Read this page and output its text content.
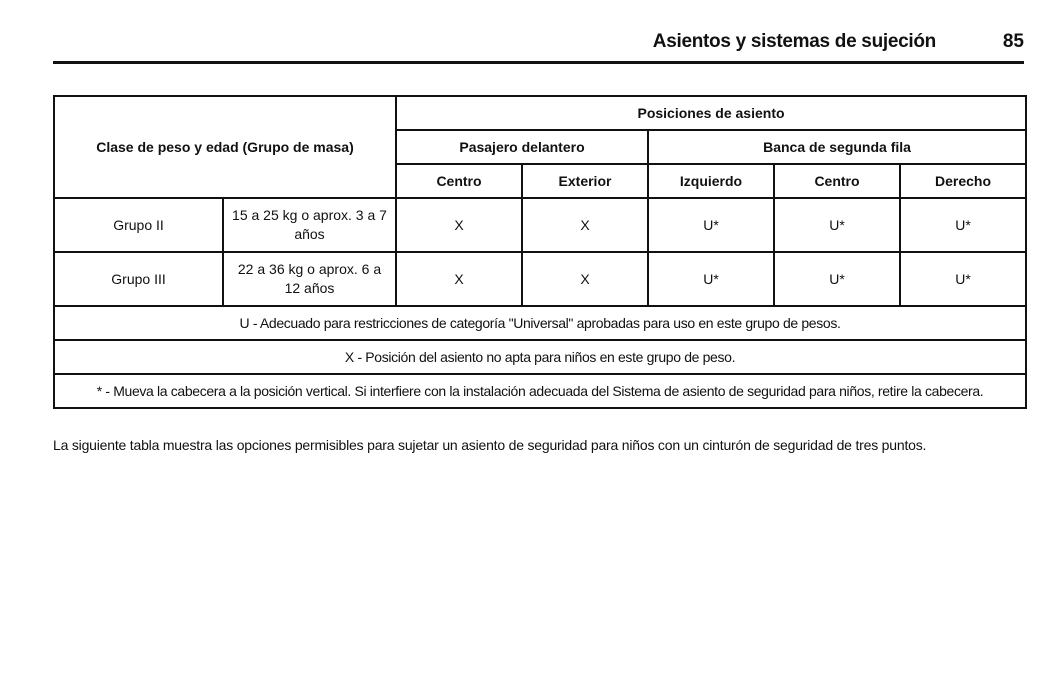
Asientos y sistemas de sujeción	85
Clase de peso y edad (Grupo de masa)		Posiciones de asiento				
		Pasajero delantero		Banca de segunda fila		
		Centro	Exterior	Izquierdo	Centro	Derecho
Grupo II	15 a 25 kg o aprox. 3 a 7 años	X	X	U*	U*	U*
Grupo III	22 a 36 kg o aprox. 6 a 12 años	X	X	U*	U*	U*
U - Adecuado para restricciones de categoría "Universal" aprobadas para uso en este grupo de pesos.						
X - Posición del asiento no apta para niños en este grupo de peso.						
* - Mueva la cabecera a la posición vertical. Si interfiere con la instalación adecuada del Sistema de asiento de seguridad para niños, retire la cabecera.						
La siguiente tabla muestra las opciones permisibles para sujetar un asiento de seguridad para niños con un cinturón de seguridad de tres puntos.
